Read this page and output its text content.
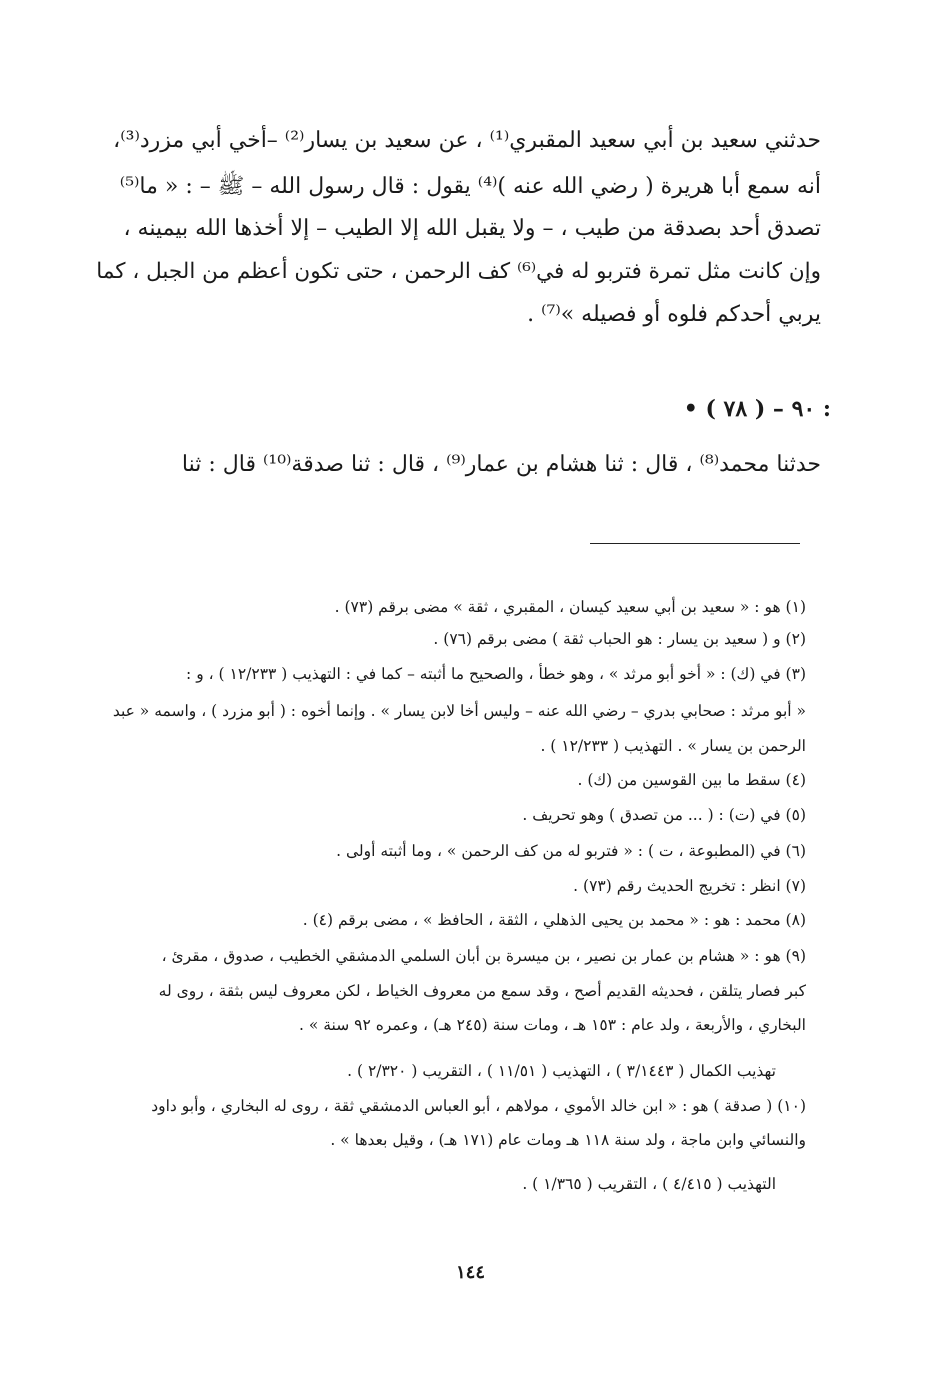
حدثني سعيد بن أبي سعيد المقبري⁽¹⁾ ، عن سعيد بن يسار⁽²⁾ –أخي أبي مزرد⁽³⁾،
أنه سمع أبا هريرة ( رضي الله عنه )⁽⁴⁾ يقول : قال رسول الله – ﷺ – : « ما⁽⁵⁾
تصدق أحد بصدقة من طيب ، – ولا يقبل الله إلا الطيب – إلا أخذها الله بيمينه ،
وإن كانت مثل تمرة فتربو له في⁽⁶⁾ كف الرحمن ، حتى تكون أعظم من الجبل ، كما
يربي أحدكم فلوه أو فصيله »⁽⁷⁾ .
• ٩٠ – ( ٧٨ ) :
حدثنا محمد⁽⁸⁾ ، قال : ثنا هشام بن عمار⁽⁹⁾ ، قال : ثنا صدقة⁽¹⁰⁾ قال : ثنا
(١) هو : « سعيد بن أبي سعيد كيسان ، المقبري ، ثقة » مضى برقم (٧٣) .
(٢) و ( سعيد بن يسار : هو الحباب ثقة ) مضى برقم (٧٦) .
(٣) في (ك) : « أخو أبو مرثد » ، وهو خطأ ، والصحيح ما أثبته – كما في : التهذيب ( ١٢/٢٣٣ ) ، و :
« أبو مرثد : صحابي بدري – رضي الله عنه – وليس أخا لابن يسار » . وإنما أخوه : ( أبو مزرد ) ، واسمه « عبد
الرحمن بن يسار » . التهذيب ( ١٢/٢٣٣ ) .
(٤) سقط ما بين القوسين من (ك) .
(٥) في (ت) : ( ... من تصدق ) وهو تحريف .
(٦) في (المطبوعة ، ت ) : « فتربو له من كف الرحمن » ، وما أثبته أولى .
(٧) انظر : تخريج الحديث رقم (٧٣) .
(٨) محمد : هو : « محمد بن يحيى الذهلي ، الثقة ، الحافظ » ، مضى برقم (٤) .
(٩) هو : « هشام بن عمار بن نصير ، بن ميسرة بن أبان السلمي الدمشقي الخطيب ، صدوق ، مقرئ ،
كبر فصار يتلقن ، فحديثه القديم أصح ، وقد سمع من معروف الخياط ، لكن معروف ليس بثقة ، روى له
البخاري ، والأربعة ، ولد عام : ١٥٣ هـ ، ومات سنة (٢٤٥ هـ) ، وعمره ٩٢ سنة » .
تهذيب الكمال ( ٣/١٤٤٣ ) ، التهذيب ( ١١/٥١ ) ، التقريب ( ٢/٣٢٠ ) .
(١٠) ( صدقة ) هو : « ابن خالد الأموي ، مولاهم ، أبو العباس الدمشقي ثقة ، روى له البخاري ، وأبو داود
والنسائي وابن ماجة ، ولد سنة ١١٨ هـ ومات عام (١٧١ هـ) ، وقيل بعدها » .
التهذيب ( ٤/٤١٥ ) ، التقريب ( ١/٣٦٥ ) .
١٤٤
